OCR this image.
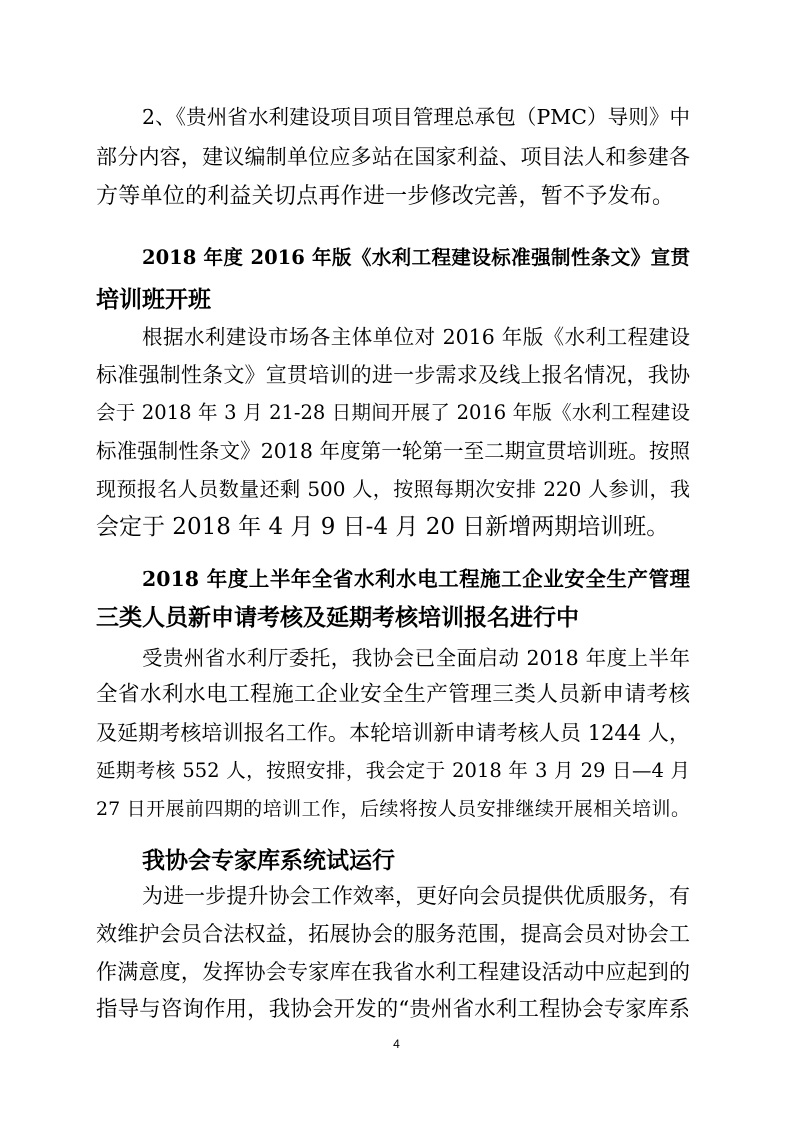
2、《贵州省水利建设项目项目管理总承包（PMC）导则》中
部分内容，建议编制单位应多站在国家利益、项目法人和参建各
方等单位的利益关切点再作进一步修改完善，暂不予发布。
2018 年度 2016 年版《水利工程建设标准强制性条文》宣贯
培训班开班
根据水利建设市场各主体单位对 2016 年版《水利工程建设
标准强制性条文》宣贯培训的进一步需求及线上报名情况，我协
会于 2018 年 3 月 21-28 日期间开展了 2016 年版《水利工程建设
标准强制性条文》2018 年度第一轮第一至二期宣贯培训班。按照
现预报名人员数量还剩 500 人，按照每期次安排 220 人参训，我
会定于 2018 年 4 月 9 日-4 月 20 日新增两期培训班。
2018 年度上半年全省水利水电工程施工企业安全生产管理
三类人员新申请考核及延期考核培训报名进行中
受贵州省水利厅委托，我协会已全面启动 2018 年度上半年
全省水利水电工程施工企业安全生产管理三类人员新申请考核
及延期考核培训报名工作。本轮培训新申请考核人员 1244 人，
延期考核 552 人，按照安排，我会定于 2018 年 3 月 29 日—4 月
27 日开展前四期的培训工作，后续将按人员安排继续开展相关培训。
我协会专家库系统试运行
为进一步提升协会工作效率，更好向会员提供优质服务，有
效维护会员合法权益，拓展协会的服务范围，提高会员对协会工
作满意度，发挥协会专家库在我省水利工程建设活动中应起到的
指导与咨询作用，我协会开发的“贵州省水利工程协会专家库系
4
